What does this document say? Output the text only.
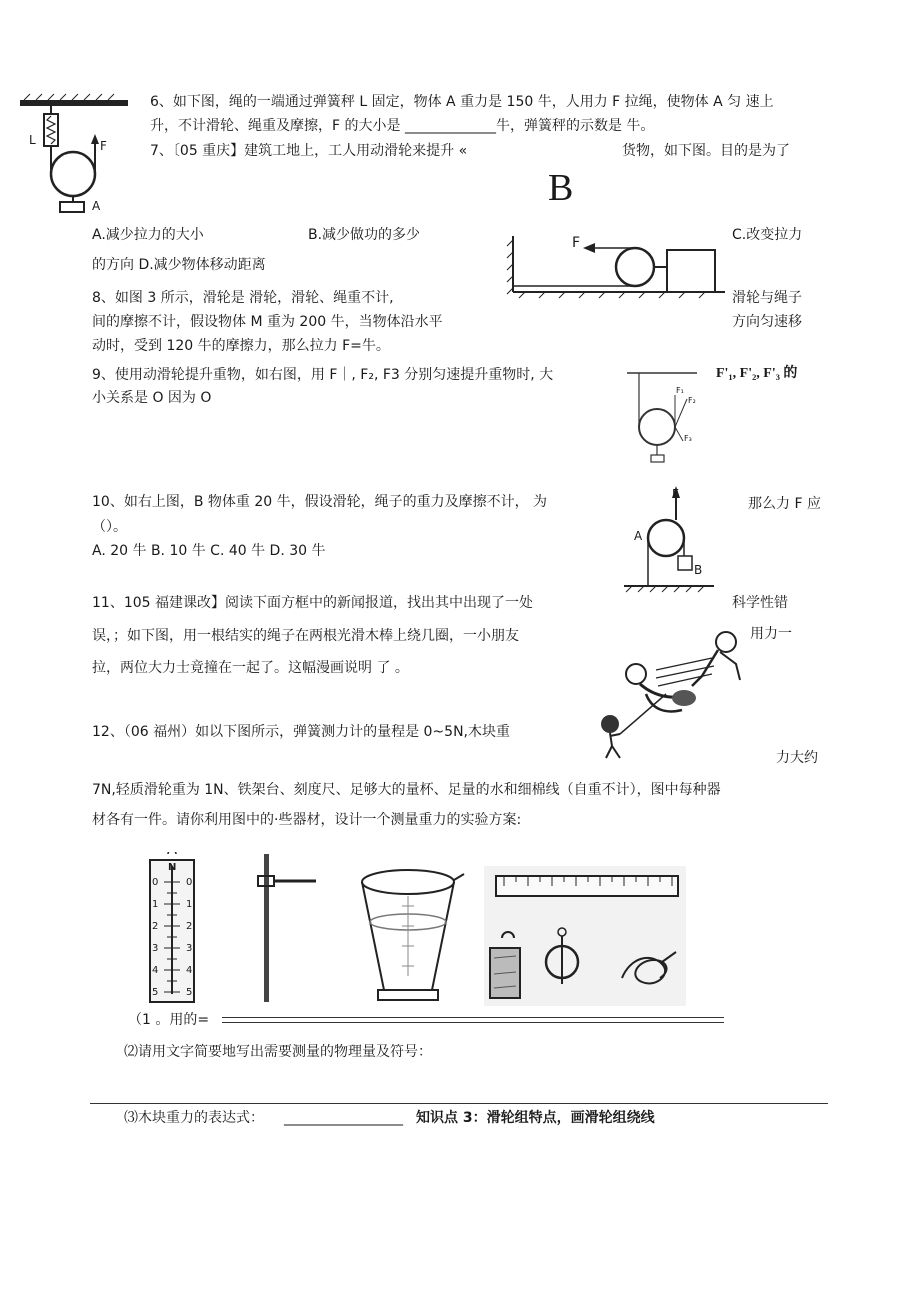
L	F
A
6、如下图，绳的一端通过弹簧秤 L 固定，物体 A 重力是 150 牛，人用力 F 拉绳，使物体 A 匀 速上
升，不计滑轮、绳重及摩擦，F 的大小是 _____________牛，弹簧秤的示数是 牛。
7、〔05 重庆】建筑工地上，工人用动滑轮来提升 «	货物，如下图。目的是为了
B
A.减少拉力的大小	B.减少做功的多少	C.改变拉力
的方向 D.减少物体移动距离
F
8、如图 3 所示，滑轮是 滑轮，滑轮、绳重不计,	滑轮与绳子
间的摩擦不计，假设物体 M 重为 200 牛，当物体沿水平	方向匀速移
动时，受到 120 牛的摩擦力，那么拉力 F=牛。
9、使用动滑轮提升重物，如右图，用 F｜, F₂, F3 分别匀速提升重物时, 大	F'₁, F'₂, F'₃ 的
小关系是 O 因为 O	F₁
F₂
F₃
10、如右上图，B 物体重 20 牛，假设滑轮，绳子的重力及摩擦不计， 为	那么力 F 应
（）。
A. 20 牛 B. 10 牛 C. 40 牛 D. 30 牛
F
A
B
11、105 福建课改】阅读下面方框中的新闻报道，找出其中出现了一处	科学性错
误，；如下图，用一根结实的绳子在两根光滑木棒上绕几圈，一小朋友	用力一
拉，两位大力士竟撞在一起了。这幅漫画说明 了 。
12、（06 福州）如以下图所示，弹簧测力计的量程是 0~5N,木块重
力大约
7N,轻质滑轮重为 1N、铁架台、刻度尺、足够大的量杯、足量的水和细棉线（自重不计），图中每种器
材各有一件。请你利用图中的·些器材，设计一个测量重力的实验方案:
N
0
1
2
3
4
5
0
1
2
3
4
5
（1 。用的=
⑵请用文字简要地写出需要测量的物理量及符号：
⑶木块重力的表达式： _________________ 知识点 3：滑轮组特点，画滑轮组绕线
